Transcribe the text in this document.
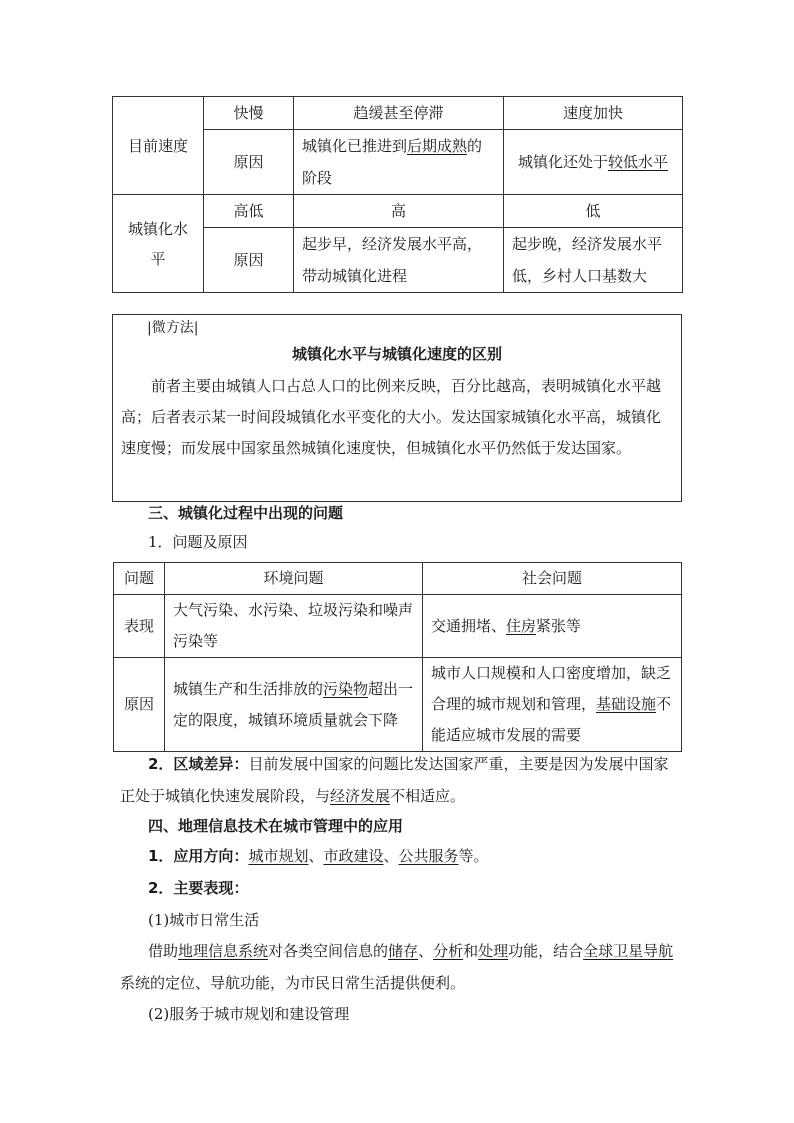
目前速度	快慢	趋缓甚至停滞	速度加快
	原因	城镇化已推进到后期成熟的阶段	城镇化还处于较低水平

城镇化水平	高低	高	低
	原因	起步早，经济发展水平高，带动城镇化进程	起步晚，经济发展水平低，乡村人口基数大
|微方法|
城镇化水平与城镇化速度的区别
前者主要由城镇人口占总人口的比例来反映，百分比越高，表明城镇化水平越高；后者表示某一时间段城镇化水平变化的大小。发达国家城镇化水平高，城镇化速度慢；而发展中国家虽然城镇化速度快，但城镇化水平仍然低于发达国家。
三、城镇化过程中出现的问题
1．问题及原因
问题	环境问题	社会问题
表现	大气污染、水污染、垃圾污染和噪声污染等	交通拥堵、住房紧张等
原因	城镇生产和生活排放的污染物超出一定的限度，城镇环境质量就会下降	城市人口规模和人口密度增加，缺乏合理的城市规划和管理，基础设施不能适应城市发展的需要
2．区域差异：目前发展中国家的问题比发达国家严重，主要是因为发展中国家正处于城镇化快速发展阶段，与经济发展不相适应。
四、地理信息技术在城市管理中的应用
1．应用方向：城市规划、市政建设、公共服务等。
2．主要表现：
(1)城市日常生活
借助地理信息系统对各类空间信息的储存、分析和处理功能，结合全球卫星导航系统的定位、导航功能，为市民日常生活提供便利。
(2)服务于城市规划和建设管理
